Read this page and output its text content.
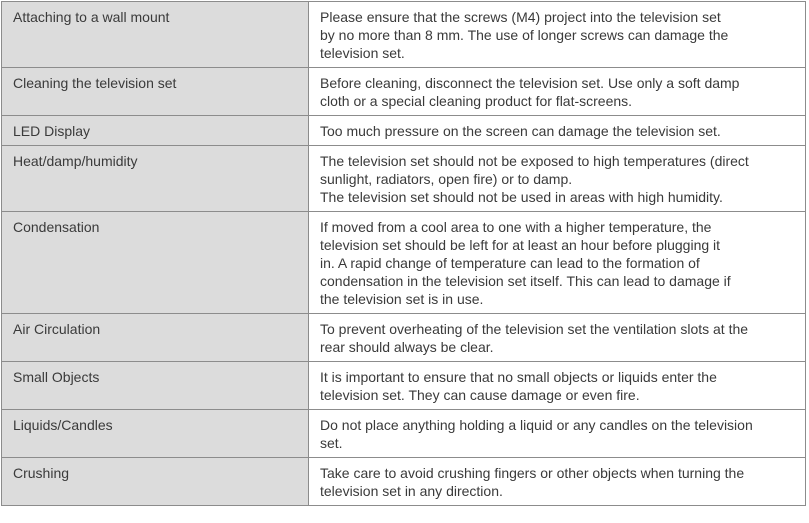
Attaching to a wall mount	Please ensure that the screws (M4) project into the television set
by no more than 8 mm. The use of longer screws can damage the
television set.

Cleaning the television set	Before cleaning, disconnect the television set. Use only a soft damp
cloth or a special cleaning product for flat-screens.

LED Display	Too much pressure on the screen can damage the television set.

Heat/damp/humidity	The television set should not be exposed to high temperatures (direct
sunlight, radiators, open fire) or to damp.
The television set should not be used in areas with high humidity.

Condensation	If moved from a cool area to one with a higher temperature, the
television set should be left for at least an hour before plugging it
in. A rapid change of temperature can lead to the formation of
condensation in the television set itself. This can lead to damage if
the television set is in use.

Air Circulation	To prevent overheating of the television set the ventilation slots at the
rear should always be clear.

Small Objects	It is important to ensure that no small objects or liquids enter the
television set. They can cause damage or even fire.

Liquids/Candles	Do not place anything holding a liquid or any candles on the television
set.

Crushing	Take care to avoid crushing fingers or other objects when turning the
television set in any direction.
